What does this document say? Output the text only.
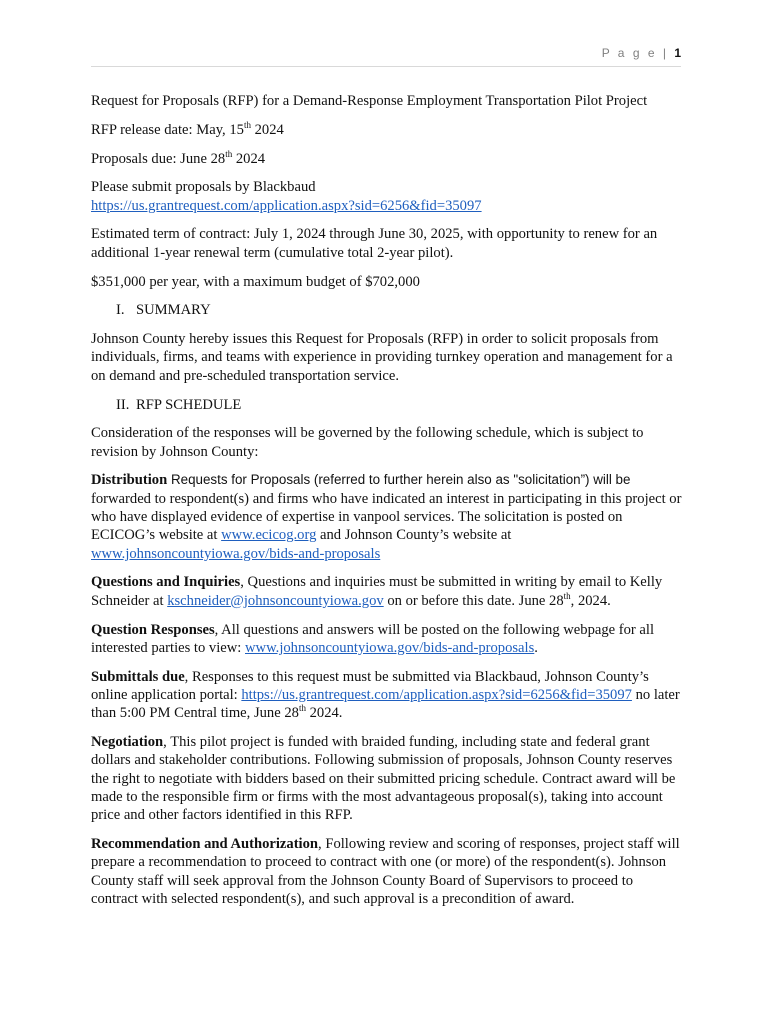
P a g e | 1

Request for Proposals (RFP) for a Demand-Response Employment Transportation Pilot Project

RFP release date: May, 15th 2024

Proposals due: June 28th 2024

Please submit proposals by Blackbaud
https://us.grantrequest.com/application.aspx?sid=6256&fid=35097

Estimated term of contract: July 1, 2024 through June 30, 2025, with opportunity to renew for an additional 1-year renewal term (cumulative total 2-year pilot).

$351,000 per year, with a maximum budget of $702,000

I. SUMMARY

Johnson County hereby issues this Request for Proposals (RFP) in order to solicit proposals from individuals, firms, and teams with experience in providing turnkey operation and management for a on demand and pre-scheduled transportation service.

II. RFP SCHEDULE

Consideration of the responses will be governed by the following schedule, which is subject to revision by Johnson County:

Distribution Requests for Proposals (referred to further herein also as "solicitation”) will be forwarded to respondent(s) and firms who have indicated an interest in participating in this project or who have displayed evidence of expertise in vanpool services. The solicitation is posted on ECICOG’s website at www.ecicog.org and Johnson County’s website at www.johnsoncountyiowa.gov/bids-and-proposals

Questions and Inquiries, Questions and inquiries must be submitted in writing by email to Kelly Schneider at kschneider@johnsoncountyiowa.gov on or before this date. June 28th, 2024.

Question Responses, All questions and answers will be posted on the following webpage for all interested parties to view: www.johnsoncountyiowa.gov/bids-and-proposals.

Submittals due, Responses to this request must be submitted via Blackbaud, Johnson County’s online application portal: https://us.grantrequest.com/application.aspx?sid=6256&fid=35097 no later than 5:00 PM Central time, June 28th 2024.

Negotiation, This pilot project is funded with braided funding, including state and federal grant dollars and stakeholder contributions. Following submission of proposals, Johnson County reserves the right to negotiate with bidders based on their submitted pricing schedule. Contract award will be made to the responsible firm or firms with the most advantageous proposal(s), taking into account price and other factors identified in this RFP.

Recommendation and Authorization, Following review and scoring of responses, project staff will prepare a recommendation to proceed to contract with one (or more) of the respondent(s). Johnson County staff will seek approval from the Johnson County Board of Supervisors to proceed to contract with selected respondent(s), and such approval is a precondition of award.
